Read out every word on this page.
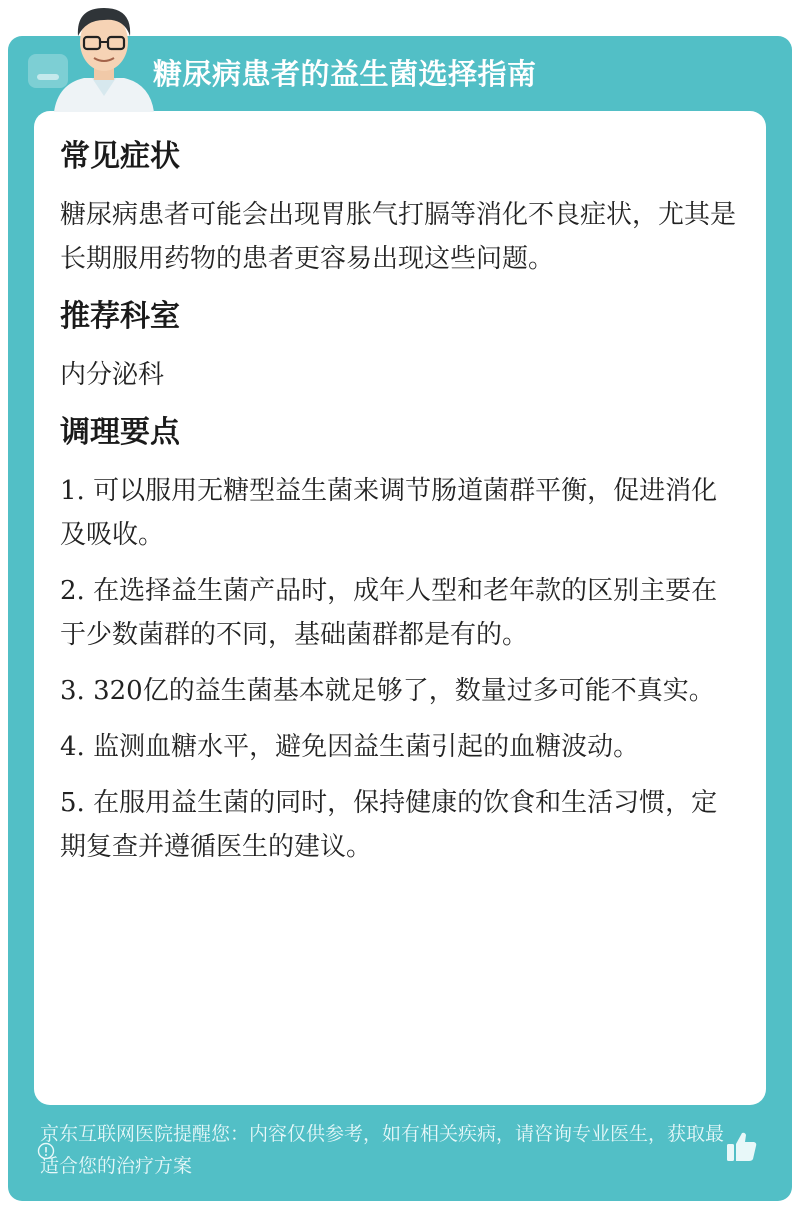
糖尿病患者的益生菌选择指南
常见症状

糖尿病患者可能会出现胃胀气打膈等消化不良症状，尤其是长期服用药物的患者更容易出现这些问题。

推荐科室

内分泌科

调理要点

1. 可以服用无糖型益生菌来调节肠道菌群平衡，促进消化及吸收。

2. 在选择益生菌产品时，成年人型和老年款的区别主要在于少数菌群的不同，基础菌群都是有的。

3. 320亿的益生菌基本就足够了，数量过多可能不真实。

4. 监测血糖水平，避免因益生菌引起的血糖波动。

5. 在服用益生菌的同时，保持健康的饮食和生活习惯，定期复查并遵循医生的建议。

京东互联网医院提醒您：内容仅供参考，如有相关疾病，请咨询专业医生，获取最适合您的治疗方案
